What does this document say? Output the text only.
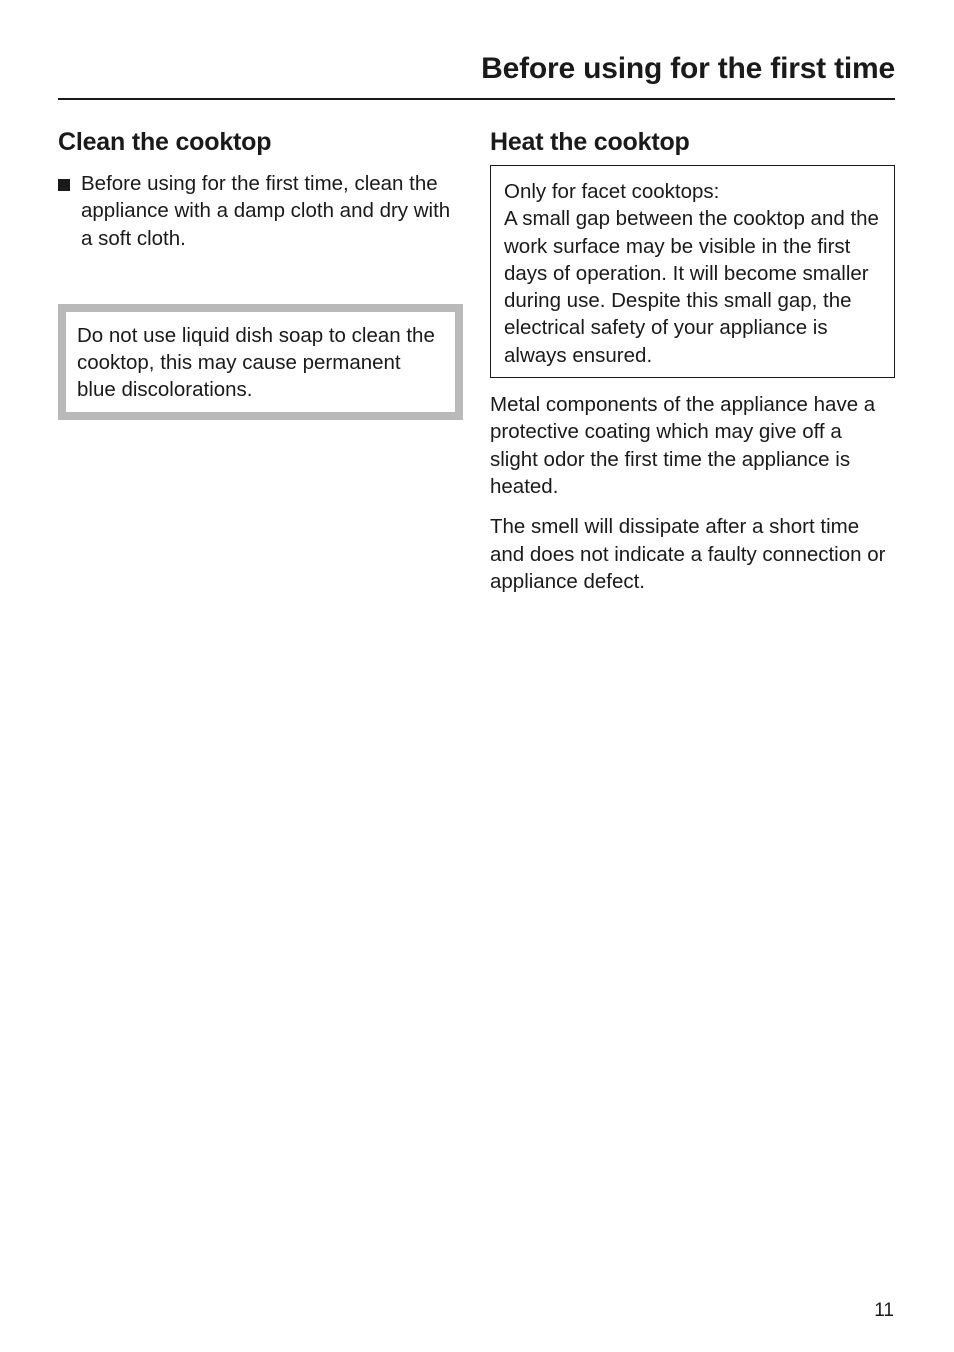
Before using for the first time
Clean the cooktop
Before using for the first time, clean the appliance with a damp cloth and dry with a soft cloth.

Do not use liquid dish soap to clean the cooktop, this may cause permanent blue discolorations.

Heat the cooktop

Only for facet cooktops:

A small gap between the cooktop and the work surface may be visible in the first days of operation. It will become smaller during use. Despite this small gap, the electrical safety of your appliance is always ensured.

Metal components of the appliance have a protective coating which may give off a slight odor the first time the appliance is heated.

The smell will dissipate after a short time and does not indicate a faulty connection or appliance defect.

11
